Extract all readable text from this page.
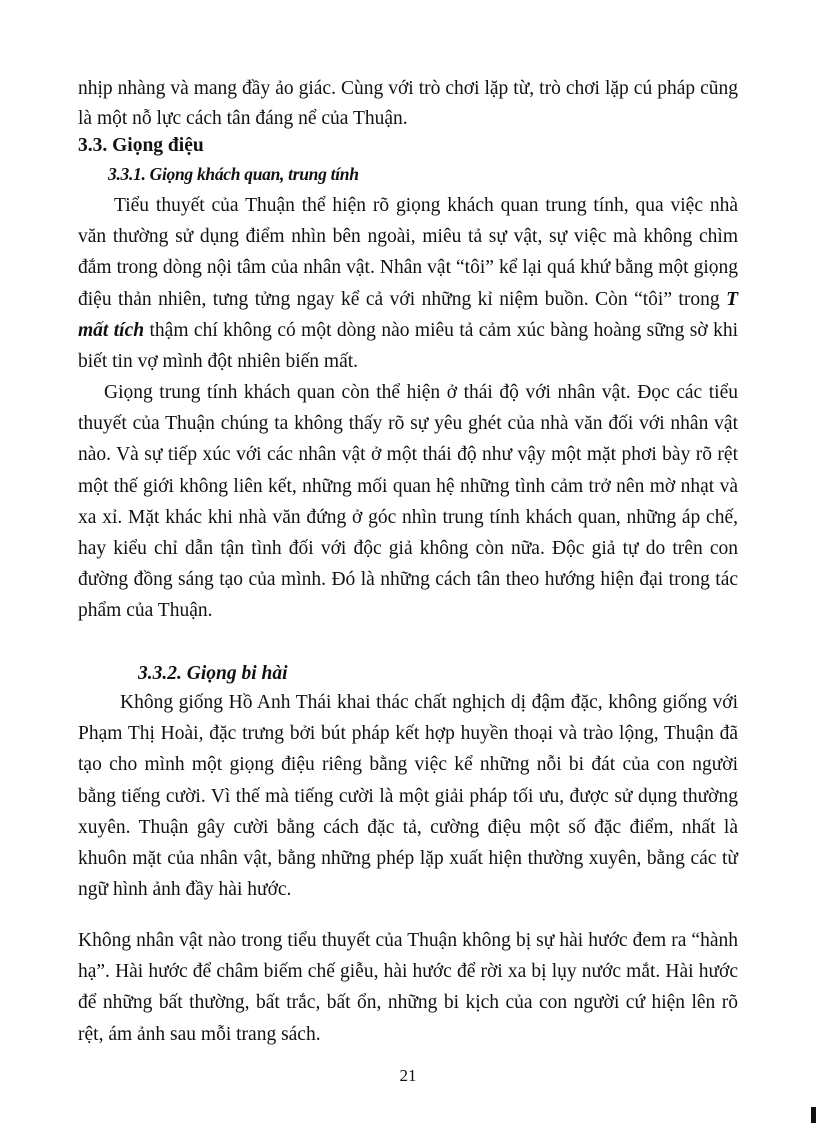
nhịp nhàng và mang đầy ảo giác. Cùng với trò chơi lặp từ, trò chơi lặp cú pháp cũng là một nỗ lực cách tân đáng nể của Thuận.

3.3. Giọng điệu
3.3.1. Giọng khách quan, trung tính

Tiểu thuyết của Thuận thể hiện rõ giọng khách quan trung tính, qua việc nhà văn thường sử dụng điểm nhìn bên ngoài, miêu tả sự vật, sự việc mà không chìm đắm trong dòng nội tâm của nhân vật. Nhân vật “tôi” kể lại quá khứ bằng một giọng điệu thản nhiên, tưng tửng ngay kể cả với những kỉ niệm buồn. Còn “tôi” trong T mất tích thậm chí không có một dòng nào miêu tả cảm xúc bàng hoàng sững sờ khi biết tin vợ mình đột nhiên biến mất.

Giọng trung tính khách quan còn thể hiện ở thái độ với nhân vật. Đọc các tiểu thuyết của Thuận chúng ta không thấy rõ sự yêu ghét của nhà văn đối với nhân vật nào. Và sự tiếp xúc với các nhân vật ở một thái độ như vậy một mặt phơi bày rõ rệt một thế giới không liên kết, những mối quan hệ những tình cảm trở nên mờ nhạt và xa xỉ. Mặt khác khi nhà văn đứng ở góc nhìn trung tính khách quan, những áp chế, hay kiểu chỉ dẫn tận tình đối với độc giả không còn nữa. Độc giả tự do trên con đường đồng sáng tạo của mình. Đó là những cách tân theo hướng hiện đại trong tác phẩm của Thuận.

3.3.2. Giọng bi hài

Không giống Hồ Anh Thái khai thác chất nghịch dị đậm đặc, không giống với Phạm Thị Hoài, đặc trưng bởi bút pháp kết hợp huyền thoại và trào lộng, Thuận đã tạo cho mình một giọng điệu riêng bằng việc kể những nỗi bi đát của con người bằng tiếng cười. Vì thế mà tiếng cười là một giải pháp tối ưu, được sử dụng thường xuyên. Thuận gây cười bằng cách đặc tả, cường điệu một số đặc điểm, nhất là khuôn mặt của nhân vật, bằng những phép lặp xuất hiện thường xuyên, bằng các từ ngữ hình ảnh đầy hài hước.

Không nhân vật nào trong tiểu thuyết của Thuận không bị sự hài hước đem ra “hành hạ”. Hài hước để châm biếm chế giễu, hài hước để rời xa bị lụy nước mắt. Hài hước để những bất thường, bất trắc, bất ổn, những bi kịch của con người cứ hiện lên rõ rệt, ám ảnh sau mỗi trang sách.

21
